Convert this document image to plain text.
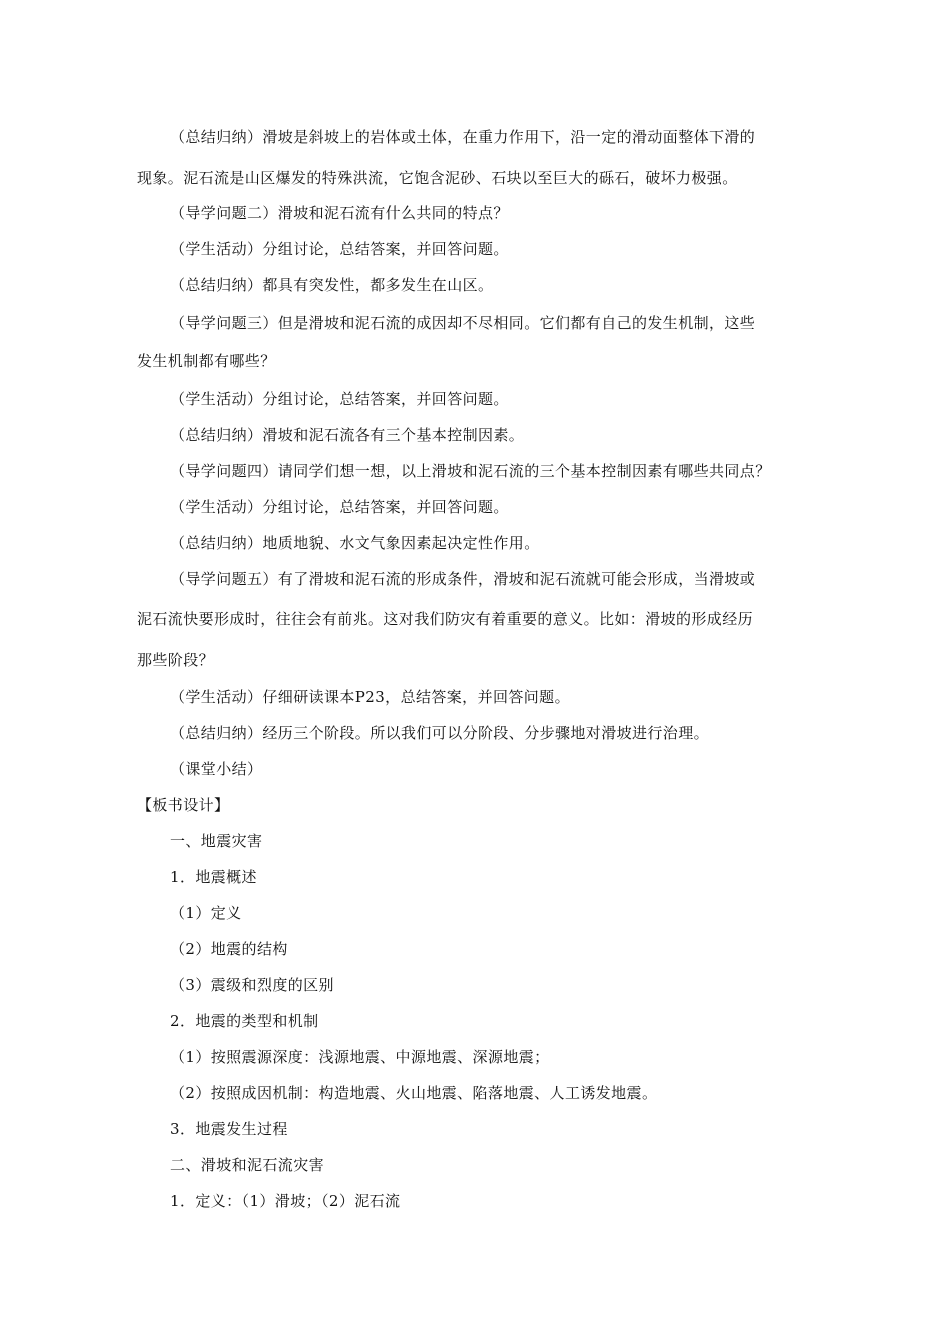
（总结归纳）滑坡是斜坡上的岩体或土体，在重力作用下，沿一定的滑动面整体下滑的
现象。泥石流是山区爆发的特殊洪流，它饱含泥砂、石块以至巨大的砾石，破坏力极强。
（导学问题二）滑坡和泥石流有什么共同的特点？
（学生活动）分组讨论，总结答案，并回答问题。
（总结归纳）都具有突发性，都多发生在山区。
（导学问题三）但是滑坡和泥石流的成因却不尽相同。它们都有自己的发生机制，这些
发生机制都有哪些？
（学生活动）分组讨论，总结答案，并回答问题。
（总结归纳）滑坡和泥石流各有三个基本控制因素。
（导学问题四）请同学们想一想，以上滑坡和泥石流的三个基本控制因素有哪些共同点？
（学生活动）分组讨论，总结答案，并回答问题。
（总结归纳）地质地貌、水文气象因素起决定性作用。
（导学问题五）有了滑坡和泥石流的形成条件，滑坡和泥石流就可能会形成，当滑坡或
泥石流快要形成时，往往会有前兆。这对我们防灾有着重要的意义。比如：滑坡的形成经历
那些阶段？
（学生活动）仔细研读课本P23，总结答案，并回答问题。
（总结归纳）经历三个阶段。所以我们可以分阶段、分步骤地对滑坡进行治理。
（课堂小结）
【板书设计】
一、地震灾害
1．地震概述
（1）定义
（2）地震的结构
（3）震级和烈度的区别
2．地震的类型和机制
（1）按照震源深度：浅源地震、中源地震、深源地震；
（2）按照成因机制：构造地震、火山地震、陷落地震、人工诱发地震。
3．地震发生过程
二、滑坡和泥石流灾害
1．定义：（1）滑坡；（2）泥石流
